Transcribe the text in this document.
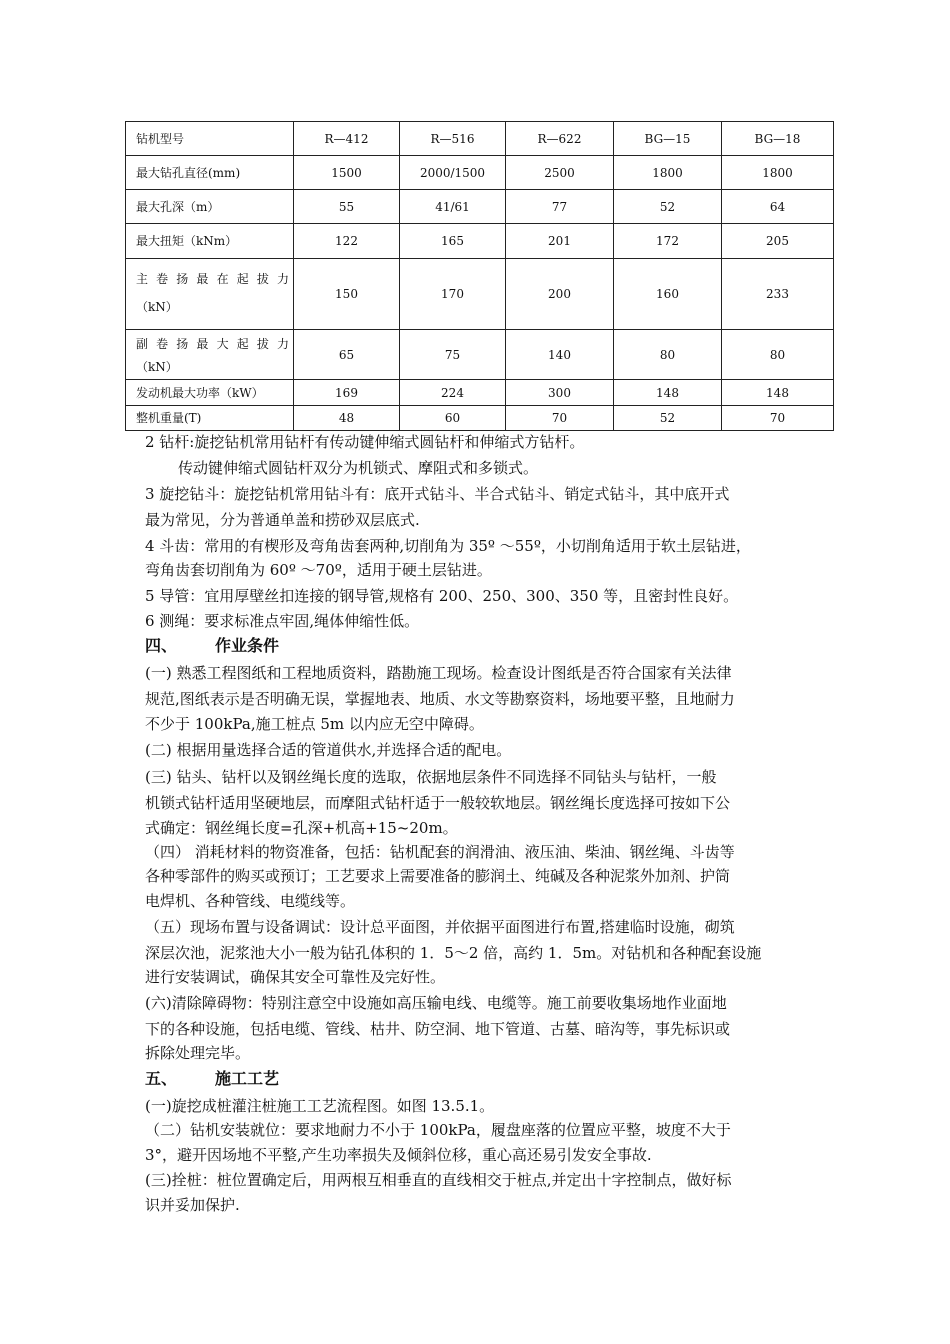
钻机型号	R—412	R—516	R—622	BG—15	BG—18
最大钻孔直径(mm)	1500	2000/1500	2500	1800	1800
最大孔深（m）	55	41/61	77	52	64
最大扭矩（kNm）	122	165	201	172	205

主卷扬最在起拔力
（kN）	150	170	200	160	233

副卷扬最大起拔力
（kN）	65	75	140	80	80
发动机最大功率（kW）	169	224	300	148	148
整机重量(T)	48	60	70	52	70
2 钻杆:旋挖钻机常用钻杆有传动键伸缩式圆钻杆和伸缩式方钻杆。
传动键伸缩式圆钻杆双分为机锁式、摩阻式和多锁式。
3 旋挖钻斗：旋挖钻机常用钻斗有：底开式钻斗、半合式钻斗、销定式钻斗，其中底开式
最为常见，分为普通单盖和捞砂双层底式.
4 斗齿：常用的有楔形及弯角齿套两种,切削角为 35º ～55º，小切削角适用于软土层钻进，
弯角齿套切削角为 60º ～70º，适用于硬土层钻进。
5 导管：宜用厚壁丝扣连接的钢导管,规格有 200、250、300、350 等，且密封性良好。
6 测绳：要求标准点牢固,绳体伸缩性低。
四、 作业条件
(一) 熟悉工程图纸和工程地质资料，踏勘施工现场。检查设计图纸是否符合国家有关法律
规范,图纸表示是否明确无误，掌握地表、地质、水文等勘察资料，场地要平整，且地耐力
不少于 100kPa,施工桩点 5m 以内应无空中障碍。
(二) 根据用量选择合适的管道供水,并选择合适的配电。
(三) 钻头、钻杆以及钢丝绳长度的选取，依据地层条件不同选择不同钻头与钻杆，一般
机锁式钻杆适用坚硬地层，而摩阻式钻杆适于一般较软地层。钢丝绳长度选择可按如下公
式确定：钢丝绳长度=孔深+机高+15~20m。
（四） 消耗材料的物资准备，包括：钻机配套的润滑油、液压油、柴油、钢丝绳、斗齿等
各种零部件的购买或预订；工艺要求上需要准备的膨润土、纯碱及各种泥浆外加剂、护筒
电焊机、各种管线、电缆线等。
（五）现场布置与设备调试：设计总平面图，并依据平面图进行布置,搭建临时设施，砌筑
深层次池，泥浆池大小一般为钻孔体积的 1．5～2 倍，高约 1．5m。对钻机和各种配套设施
进行安装调试，确保其安全可靠性及完好性。
(六)清除障碍物：特别注意空中设施如高压输电线、电缆等。施工前要收集场地作业面地
下的各种设施，包括电缆、管线、枯井、防空洞、地下管道、古墓、暗沟等，事先标识或
拆除处理完毕。
五、 施工工艺
(一)旋挖成桩灌注桩施工工艺流程图。如图 13.5.1。
（二）钻机安装就位：要求地耐力不小于 100kPa，履盘座落的位置应平整，坡度不大于
3°，避开因场地不平整,产生功率损失及倾斜位移，重心高还易引发安全事故.
(三)拴桩：桩位置确定后，用两根互相垂直的直线相交于桩点,并定出十字控制点，做好标
识并妥加保护.
